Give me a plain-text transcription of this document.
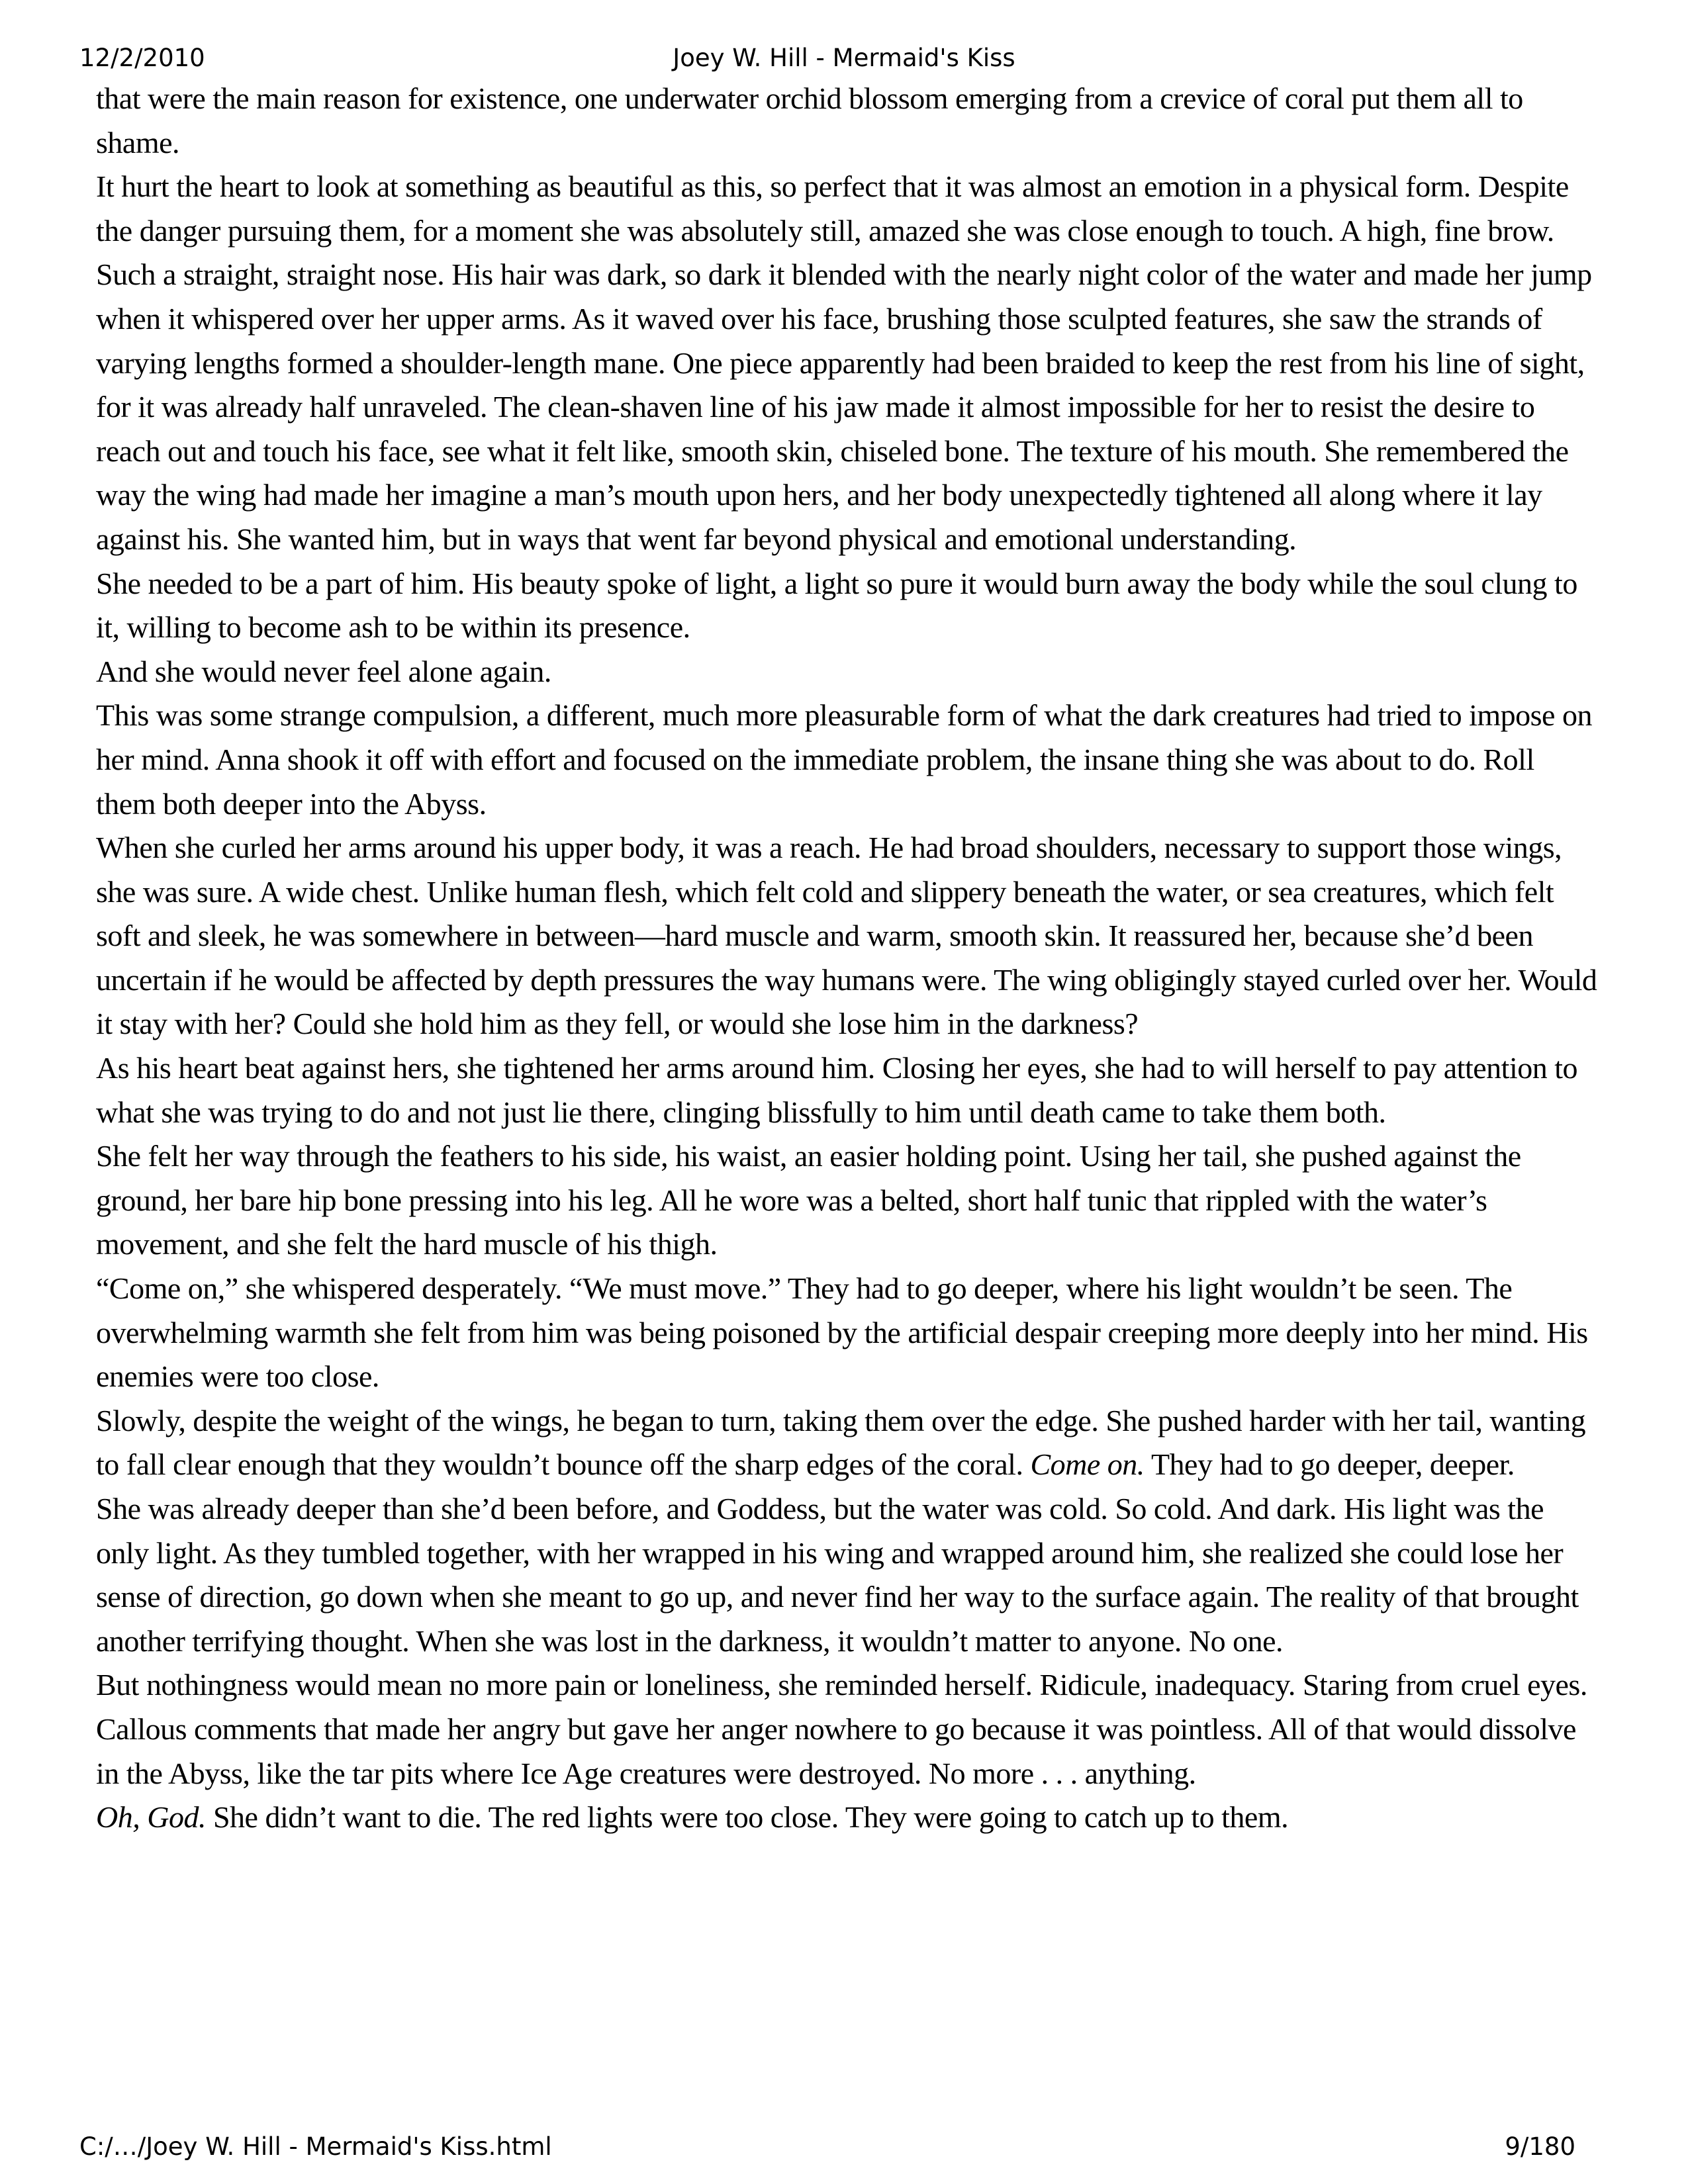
12/2/2010	Joey W. Hill - Mermaid's Kiss

that were the main reason for existence, one underwater orchid blossom emerging from a crevice of coral put them all to shame.

It hurt the heart to look at something as beautiful as this, so perfect that it was almost an emotion in a physical form. Despite the danger pursuing them, for a moment she was absolutely still, amazed she was close enough to touch. A high, fine brow. Such a straight, straight nose. His hair was dark, so dark it blended with the nearly night color of the water and made her jump when it whispered over her upper arms. As it waved over his face, brushing those sculpted features, she saw the strands of varying lengths formed a shoulder-length mane. One piece apparently had been braided to keep the rest from his line of sight, for it was already half unraveled. The clean-shaven line of his jaw made it almost impossible for her to resist the desire to reach out and touch his face, see what it felt like, smooth skin, chiseled bone. The texture of his mouth. She remembered the way the wing had made her imagine a man’s mouth upon hers, and her body unexpectedly tightened all along where it lay against his. She wanted him, but in ways that went far beyond physical and emotional understanding.

She needed to be a part of him. His beauty spoke of light, a light so pure it would burn away the body while the soul clung to it, willing to become ash to be within its presence.

And she would never feel alone again.

This was some strange compulsion, a different, much more pleasurable form of what the dark creatures had tried to impose on her mind. Anna shook it off with effort and focused on the immediate problem, the insane thing she was about to do. Roll them both deeper into the Abyss.

When she curled her arms around his upper body, it was a reach. He had broad shoulders, necessary to support those wings, she was sure. A wide chest. Unlike human flesh, which felt cold and slippery beneath the water, or sea creatures, which felt soft and sleek, he was somewhere in between—hard muscle and warm, smooth skin. It reassured her, because she’d been uncertain if he would be affected by depth pressures the way humans were. The wing obligingly stayed curled over her. Would it stay with her? Could she hold him as they fell, or would she lose him in the darkness?

As his heart beat against hers, she tightened her arms around him. Closing her eyes, she had to will herself to pay attention to what she was trying to do and not just lie there, clinging blissfully to him until death came to take them both.

She felt her way through the feathers to his side, his waist, an easier holding point. Using her tail, she pushed against the ground, her bare hip bone pressing into his leg. All he wore was a belted, short half tunic that rippled with the water’s movement, and she felt the hard muscle of his thigh.

“Come on,” she whispered desperately. “We must move.” They had to go deeper, where his light wouldn’t be seen. The overwhelming warmth she felt from him was being poisoned by the artificial despair creeping more deeply into her mind. His enemies were too close.

Slowly, despite the weight of the wings, he began to turn, taking them over the edge. She pushed harder with her tail, wanting to fall clear enough that they wouldn’t bounce off the sharp edges of the coral. Come on. They had to go deeper, deeper.

She was already deeper than she’d been before, and Goddess, but the water was cold. So cold. And dark. His light was the only light. As they tumbled together, with her wrapped in his wing and wrapped around him, she realized she could lose her sense of direction, go down when she meant to go up, and never find her way to the surface again. The reality of that brought another terrifying thought. When she was lost in the darkness, it wouldn’t matter to anyone. No one.

But nothingness would mean no more pain or loneliness, she reminded herself. Ridicule, inadequacy. Staring from cruel eyes. Callous comments that made her angry but gave her anger nowhere to go because it was pointless. All of that would dissolve in the Abyss, like the tar pits where Ice Age creatures were destroyed. No more . . . anything.

Oh, God. She didn’t want to die. The red lights were too close. They were going to catch up to them.

C:/…/Joey W. Hill - Mermaid's Kiss.html	9/180
